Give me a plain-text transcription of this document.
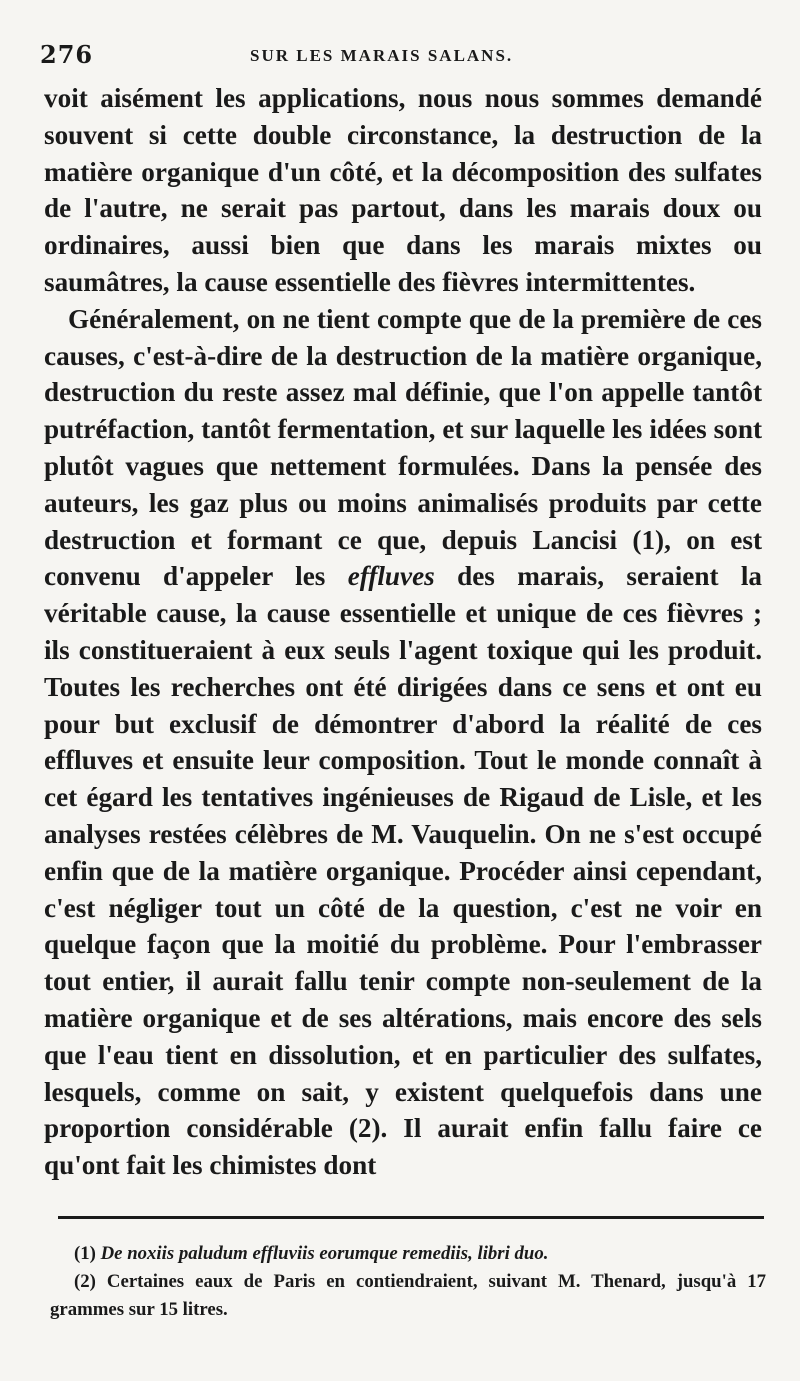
276	SUR LES MARAIS SALANS.

voit aisément les applications, nous nous sommes demandé souvent si cette double circonstance, la destruction de la matière organique d'un côté, et la décomposition des sulfates de l'autre, ne serait pas partout, dans les marais doux ou ordinaires, aussi bien que dans les marais mixtes ou saumâtres, la cause essentielle des fièvres intermittentes.

Généralement, on ne tient compte que de la première de ces causes, c'est-à-dire de la destruction de la matière organique, destruction du reste assez mal définie, que l'on appelle tantôt putréfaction, tantôt fermentation, et sur laquelle les idées sont plutôt vagues que nettement formulées. Dans la pensée des auteurs, les gaz plus ou moins animalisés produits par cette destruction et formant ce que, depuis Lancisi (1), on est convenu d'appeler les effluves des marais, seraient la véritable cause, la cause essentielle et unique de ces fièvres ; ils constitueraient à eux seuls l'agent toxique qui les produit. Toutes les recherches ont été dirigées dans ce sens et ont eu pour but exclusif de démontrer d'abord la réalité de ces effluves et ensuite leur composition. Tout le monde connaît à cet égard les tentatives ingénieuses de Rigaud de Lisle, et les analyses restées célèbres de M. Vauquelin. On ne s'est occupé enfin que de la matière organique. Procéder ainsi cependant, c'est négliger tout un côté de la question, c'est ne voir en quelque façon que la moitié du problème. Pour l'embrasser tout entier, il aurait fallu tenir compte non-seulement de la matière organique et de ses altérations, mais encore des sels que l'eau tient en dissolution, et en particulier des sulfates, lesquels, comme on sait, y existent quelquefois dans une proportion considérable (2). Il aurait enfin fallu faire ce qu'ont fait les chimistes dont

(1) De noxiis paludum effluviis eorumque remediis, libri duo.

(2) Certaines eaux de Paris en contiendraient, suivant M. Thenard, jusqu'à 17 grammes sur 15 litres.
